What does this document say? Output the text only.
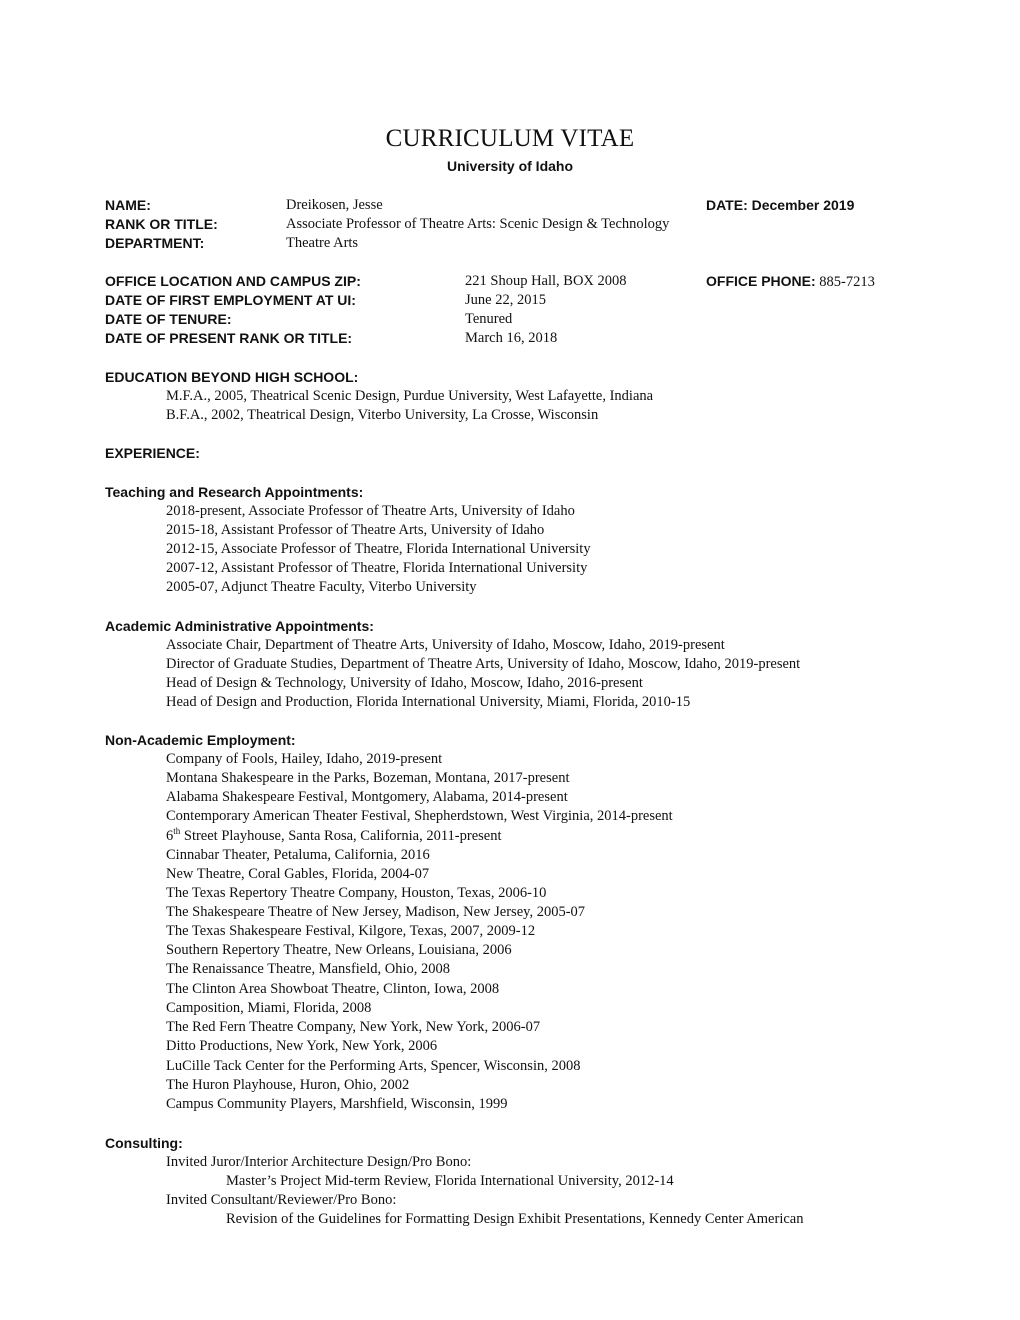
CURRICULUM VITAE
University of Idaho
NAME:	Dreikosen, Jesse	DATE: December 2019
RANK OR TITLE:	Associate Professor of Theatre Arts: Scenic Design & Technology
DEPARTMENT:	Theatre Arts
OFFICE LOCATION AND CAMPUS ZIP:	221 Shoup Hall, BOX 2008	OFFICE PHONE: 885-7213
DATE OF FIRST EMPLOYMENT AT UI:	June 22, 2015
DATE OF TENURE:	Tenured
DATE OF PRESENT RANK OR TITLE:	March 16, 2018
EDUCATION BEYOND HIGH SCHOOL:
M.F.A., 2005, Theatrical Scenic Design, Purdue University, West Lafayette, Indiana
B.F.A., 2002, Theatrical Design, Viterbo University, La Crosse, Wisconsin
EXPERIENCE:
Teaching and Research Appointments:
2018-present, Associate Professor of Theatre Arts, University of Idaho
2015-18, Assistant Professor of Theatre Arts, University of Idaho
2012-15, Associate Professor of Theatre, Florida International University
2007-12, Assistant Professor of Theatre, Florida International University
2005-07, Adjunct Theatre Faculty, Viterbo University
Academic Administrative Appointments:
Associate Chair, Department of Theatre Arts, University of Idaho, Moscow, Idaho, 2019-present
Director of Graduate Studies, Department of Theatre Arts, University of Idaho, Moscow, Idaho, 2019-present
Head of Design & Technology, University of Idaho, Moscow, Idaho, 2016-present
Head of Design and Production, Florida International University, Miami, Florida, 2010-15
Non-Academic Employment:
Company of Fools, Hailey, Idaho, 2019-present
Montana Shakespeare in the Parks, Bozeman, Montana, 2017-present
Alabama Shakespeare Festival, Montgomery, Alabama, 2014-present
Contemporary American Theater Festival, Shepherdstown, West Virginia, 2014-present
6th Street Playhouse, Santa Rosa, California, 2011-present
Cinnabar Theater, Petaluma, California, 2016
New Theatre, Coral Gables, Florida, 2004-07
The Texas Repertory Theatre Company, Houston, Texas, 2006-10
The Shakespeare Theatre of New Jersey, Madison, New Jersey, 2005-07
The Texas Shakespeare Festival, Kilgore, Texas, 2007, 2009-12
Southern Repertory Theatre, New Orleans, Louisiana, 2006
The Renaissance Theatre, Mansfield, Ohio, 2008
The Clinton Area Showboat Theatre, Clinton, Iowa, 2008
Camposition, Miami, Florida, 2008
The Red Fern Theatre Company, New York, New York, 2006-07
Ditto Productions, New York, New York, 2006
LuCille Tack Center for the Performing Arts, Spencer, Wisconsin, 2008
The Huron Playhouse, Huron, Ohio, 2002
Campus Community Players, Marshfield, Wisconsin, 1999
Consulting:
Invited Juror/Interior Architecture Design/Pro Bono:
Master’s Project Mid-term Review, Florida International University, 2012-14
Invited Consultant/Reviewer/Pro Bono:
Revision of the Guidelines for Formatting Design Exhibit Presentations, Kennedy Center American
